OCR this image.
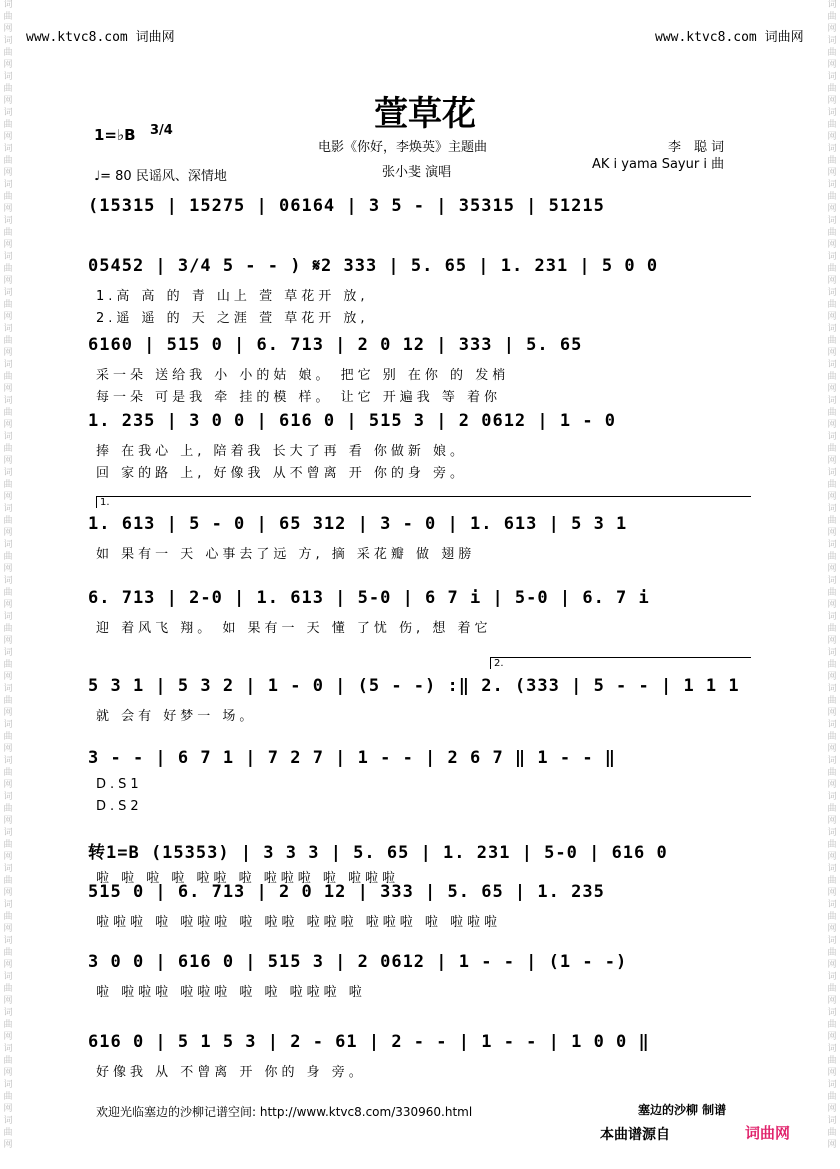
词
曲
网
词
曲
网
词
曲
网
词
曲
网
词
曲
网
词
曲
网
词
曲
网
词
曲
网
词
曲
网
词
曲
网
词
曲
网
词
曲
网
词
曲
网
词
曲
网
词
曲
网
词
曲
网
词
曲
网
词
曲
网
词
曲
网
词
曲
网
词
曲
网
词
曲
网
词
曲
网
词
曲
网
词
曲
网
词
曲
网
词
曲
网
词
曲
网
词
曲
网
词
曲
网
词
曲
网
词
曲
网
词
曲
网
词
曲
网
词
曲
网
词
曲
网
词
曲
网
词
曲
网
词
曲
网
词
曲
网
词
曲
网
词
曲
网
词
曲
网
词
曲
网
词
曲
网
词
曲
网
词
曲
网
词
曲
网
词
曲
网
词
曲
网
词
曲
网
词
曲
网
词
曲
网
词
曲
网
词
曲
网
词
曲
网
词
曲
网
词
曲
网
词
曲
网
词
曲
网
词
曲
网
词
曲
网
词
曲
网
词
曲
网
www.ktvc8.com 词曲网	www.ktvc8.com 词曲网
萱草花
1=♭B 3/4
♩= 80 民谣风、深情地
电影《你好，李焕英》主题曲
张小斐 演唱
李　聪 词
AK i yama Sayur i 曲
(15315 | 15275 | 06164 | 3 5 - | 35315 | 51215
05452 | 3/4 5 - - ) 𝄋2 333 | 5. 65 | 1. 231 | 5 0 0
1.高 高 的 青 山上 萱 草花开 放,
2.遥 遥 的 天 之涯 萱 草花开 放,
6160 | 515 0 | 6. 713 | 2 0 12 | 333 | 5. 65
采一朵 送给我 小 小的姑 娘。 把它 别 在你 的 发梢
每一朵 可是我 牵 挂的模 样。 让它 开遍我 等 着你
1. 235 | 3 0 0 | 616 0 | 515 3 | 2 0612 | 1 - 0
捧 在我心 上, 陪着我 长大了再 看 你做新 娘。
回 家的路 上, 好像我 从不曾离 开 你的身 旁。
1. 613 | 5 - 0 | 65 312 | 3 - 0 | 1. 613 | 5 3 1
如 果有一 天 心事去了远 方, 摘 采花瓣 做 翅膀
6. 713 | 2-0 | 1. 613 | 5-0 | 6 7 i | 5-0 | 6. 7 i
迎 着风飞 翔。 如 果有一 天 懂 了忧 伤, 想 着它
5 3 1 | 5 3 2 | 1 - 0 | (5 - -) :‖ 2. (333 | 5 - - | 1 1 1
就 会有 好梦一 场。
3 - - | 6 7 1 | 7 2 7 | 1 - - | 2 6 7 ‖ 1 - - ‖
D.S1
D.S2
转1=B (15353) | 3 3 3 | 5. 65 | 1. 231 | 5-0 | 616 0
啦 啦 啦 啦 啦啦 啦 啦啦啦 啦 啦啦啦
515 0 | 6. 713 | 2 0 12 | 333 | 5. 65 | 1. 235
啦啦啦 啦 啦啦啦 啦 啦啦 啦啦啦 啦啦啦 啦 啦啦啦
3 0 0 | 616 0 | 515 3 | 2 0612 | 1 - - | (1 - -)
啦 啦啦啦 啦啦啦 啦 啦 啦啦啦 啦
616 0 | 5 1 5 3 | 2 - 61 | 2 - - | 1 - - | 1 0 0 ‖
好像我 从 不曾离 开 你的 身 旁。
1.
2.
欢迎光临塞边的沙柳记谱空间: http://www.ktvc8.com/330960.html	塞边的沙柳 制谱
本曲谱源自	词曲网
